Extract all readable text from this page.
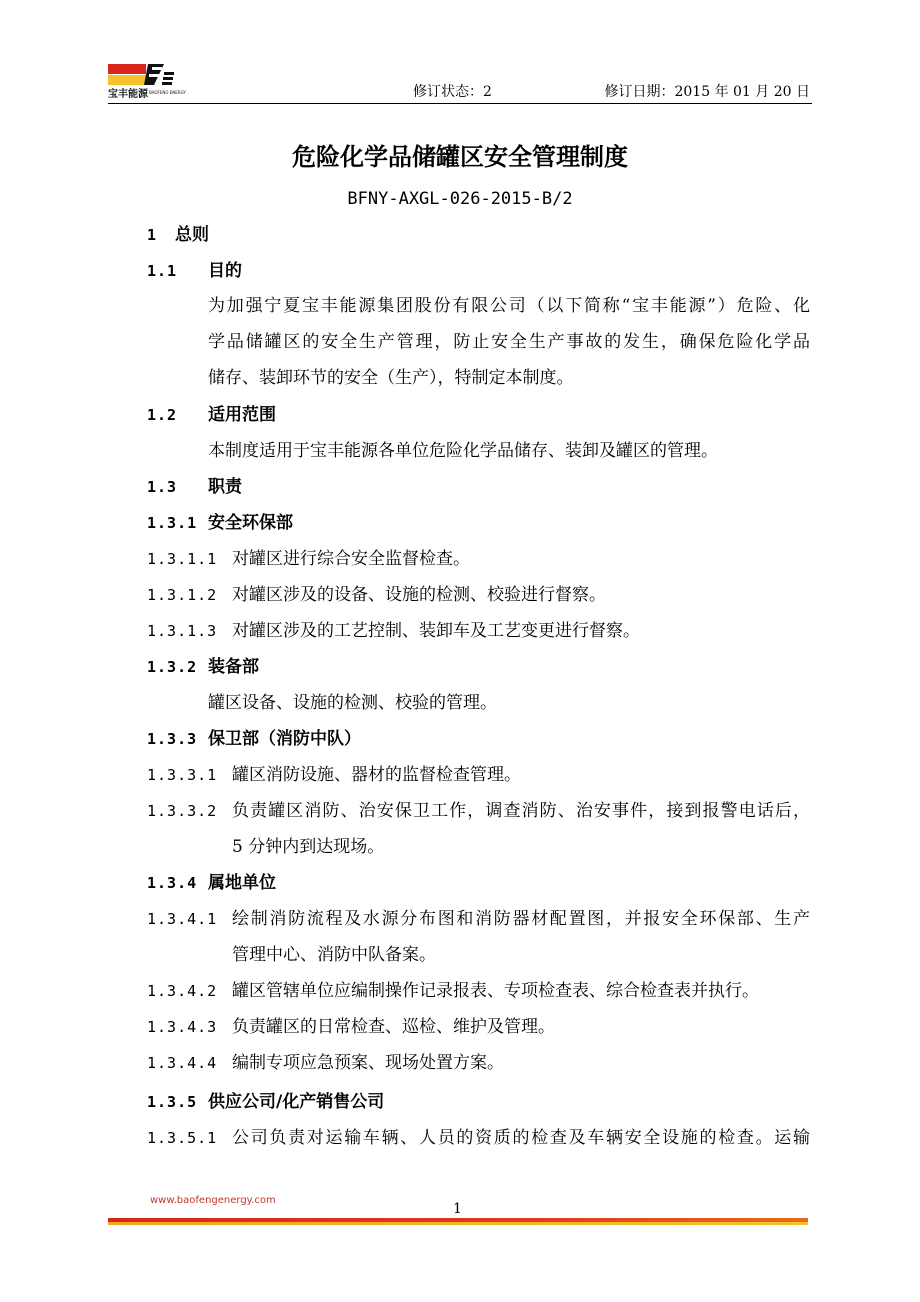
宝丰能源 BAOFENG ENERGY	修订状态：2	修订日期：2015 年 01 月 20 日
危险化学品储罐区安全管理制度
BFNY-AXGL-026-2015-B/2
1 总则
1.1 目的
为加强宁夏宝丰能源集团股份有限公司（以下简称“宝丰能源”）危险、化
学品储罐区的安全生产管理，防止安全生产事故的发生，确保危险化学品
储存、装卸环节的安全（生产），特制定本制度。
1.2 适用范围
本制度适用于宝丰能源各单位危险化学品储存、装卸及罐区的管理。
1.3 职责
1.3.1 安全环保部
1.3.1.1 对罐区进行综合安全监督检查。
1.3.1.2 对罐区涉及的设备、设施的检测、校验进行督察。
1.3.1.3 对罐区涉及的工艺控制、装卸车及工艺变更进行督察。
1.3.2 装备部
罐区设备、设施的检测、校验的管理。
1.3.3 保卫部（消防中队）
1.3.3.1 罐区消防设施、器材的监督检查管理。
1.3.3.2 负责罐区消防、治安保卫工作，调查消防、治安事件，接到报警电话后，
5 分钟内到达现场。
1.3.4 属地单位
1.3.4.1 绘制消防流程及水源分布图和消防器材配置图，并报安全环保部、生产
管理中心、消防中队备案。
1.3.4.2 罐区管辖单位应编制操作记录报表、专项检查表、综合检查表并执行。
1.3.4.3 负责罐区的日常检查、巡检、维护及管理。
1.3.4.4 编制专项应急预案、现场处置方案。
1.3.5 供应公司/化产销售公司
1.3.5.1 公司负责对运输车辆、人员的资质的检查及车辆安全设施的检查。运输
www.baofengenergy.com
1
